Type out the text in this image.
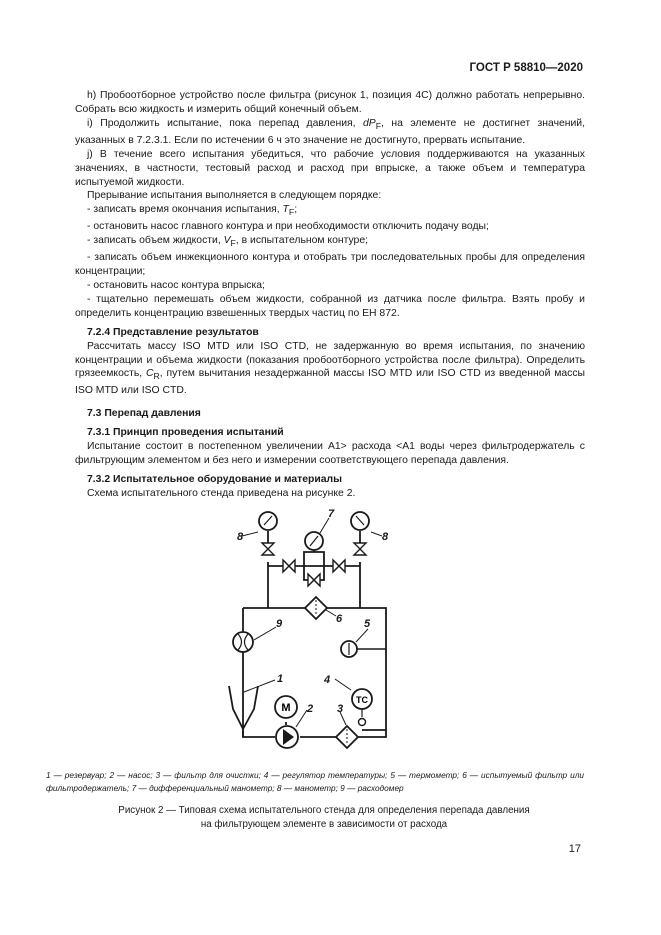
ГОСТ Р 58810—2020

h) Пробоотборное устройство после фильтра (рисунок 1, позиция 4C) должно работать непрерывно. Собрать всю жидкость и измерить общий конечный объем.

i) Продолжить испытание, пока перепад давления, $dP_F$, на элементе не достигнет значений, указанных в 7.2.3.1. Если по истечении 6 ч это значение не достигнуто, прервать испытание.

j) В течение всего испытания убедиться, что рабочие условия поддерживаются на указанных значениях, в частности, тестовый расход и расход при впрыске, а также объем и температура испытуемой жидкости.

Прерывание испытания выполняется в следующем порядке:

- записать время окончания испытания, $T_F$;

- остановить насос главного контура и при необходимости отключить подачу воды;

- записать объем жидкости, $V_F$, в испытательном контуре;

- записать объем инжекционного контура и отобрать три последовательных пробы для определения концентрации;

- остановить насос контура впрыска;

- тщательно перемешать объем жидкости, собранной из датчика после фильтра. Взять пробу и определить концентрацию взвешенных твердых частиц по ЕН 872.

7.2.4 Представление результатов

Рассчитать массу ISO MTD или ISO CTD, не задержанную во время испытания, по значению концентрации и объема жидкости (показания пробоотборного устройства после фильтра). Определить грязеемкость, $C_R$, путем вычитания незадержанной массы ISO MTD или ISO CTD из введенной массы ISO MTD или ISO CTD.

7.3 Перепад давления

7.3.1 Принцип проведения испытаний

Испытание состоит в постепенном увеличении А1> расхода <А1 воды через фильтродержатель с фильтрующим элементом и без него и измерении соответствующего перепада давления.

7.3.2 Испытательное оборудование и материалы

Схема испытательного стенда приведена на рисунке 2.

M
TC
8	8
7
6 5
9
1	4
2 3
1 — резервуар; 2 — насос; 3 — фильтр для очистки; 4 — регулятор температуры; 5 — термометр; 6 — испытуемый фильтр или фильтродержатель; 7 — дифференциальный манометр; 8 — манометр; 9 — расходомер
Рисунок 2 — Типовая схема испытательного стенда для определения перепада давления
на фильтрующем элементе в зависимости от расхода
17
